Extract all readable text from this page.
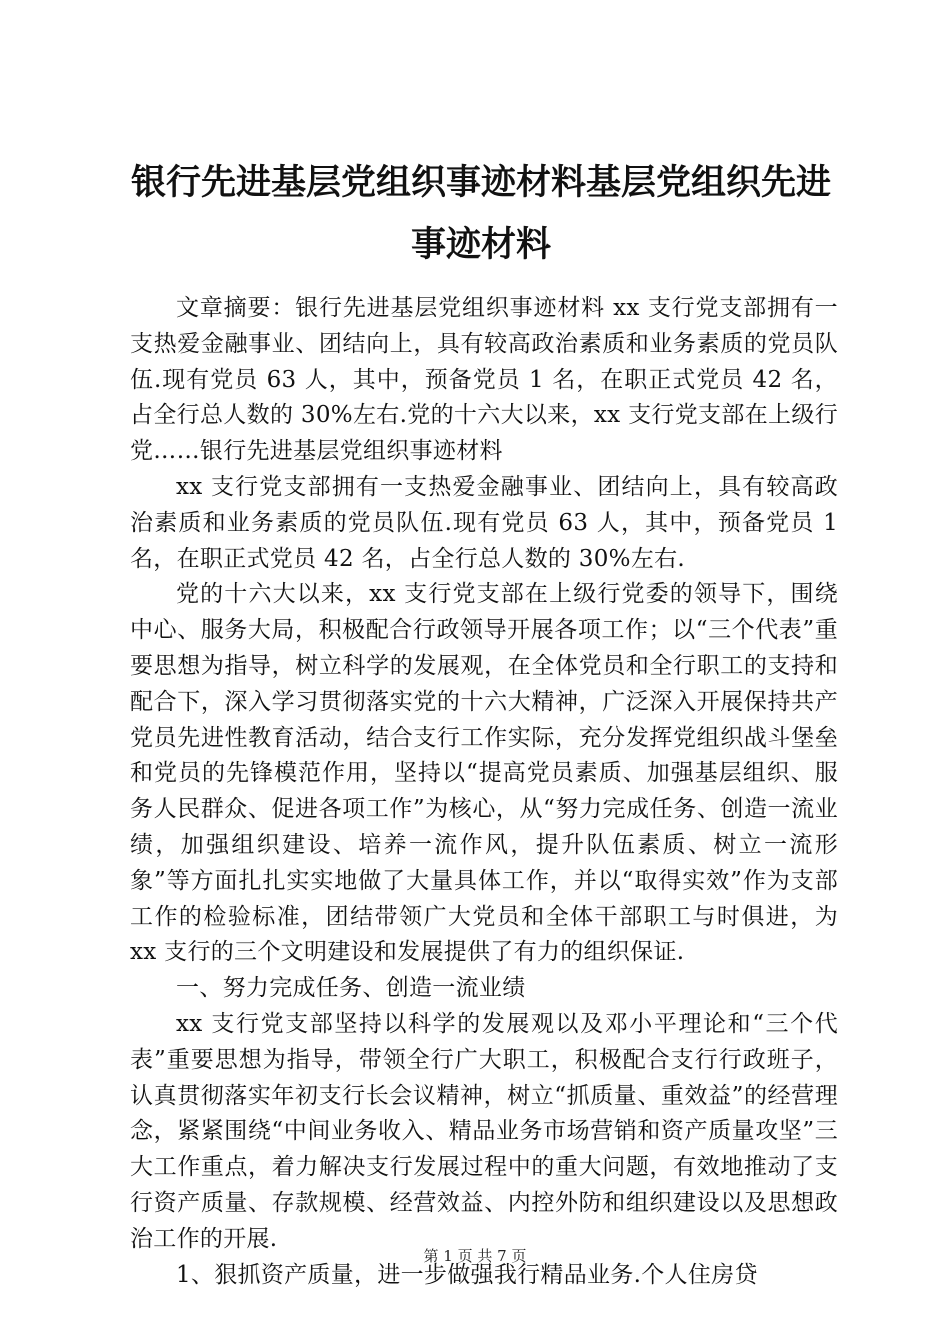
银行先进基层党组织事迹材料基层党组织先进事迹材料

文章摘要：银行先进基层党组织事迹材料 xx 支行党支部拥有一支热爱金融事业、团结向上，具有较高政治素质和业务素质的党员队伍.现有党员 63 人，其中，预备党员 1 名，在职正式党员 42 名，占全行总人数的 30%左右.党的十六大以来，xx 支行党支部在上级行党……银行先进基层党组织事迹材料

xx 支行党支部拥有一支热爱金融事业、团结向上，具有较高政治素质和业务素质的党员队伍.现有党员 63 人，其中，预备党员 1 名，在职正式党员 42 名，占全行总人数的 30%左右.

党的十六大以来，xx 支行党支部在上级行党委的领导下，围绕中心、服务大局，积极配合行政领导开展各项工作；以“三个代表”重要思想为指导，树立科学的发展观，在全体党员和全行职工的支持和配合下，深入学习贯彻落实党的十六大精神，广泛深入开展保持共产党员先进性教育活动，结合支行工作实际，充分发挥党组织战斗堡垒和党员的先锋模范作用，坚持以“提高党员素质、加强基层组织、服务人民群众、促进各项工作”为核心，从“努力完成任务、创造一流业绩，加强组织建设、培养一流作风，提升队伍素质、树立一流形象”等方面扎扎实实地做了大量具体工作，并以“取得实效”作为支部工作的检验标准，团结带领广大党员和全体干部职工与时俱进，为 xx 支行的三个文明建设和发展提供了有力的组织保证.

一、努力完成任务、创造一流业绩

xx 支行党支部坚持以科学的发展观以及邓小平理论和“三个代表”重要思想为指导，带领全行广大职工，积极配合支行行政班子，认真贯彻落实年初支行长会议精神，树立“抓质量、重效益”的经营理念，紧紧围绕“中间业务收入、精品业务市场营销和资产质量攻坚”三大工作重点，着力解决支行发展过程中的重大问题，有效地推动了支行资产质量、存款规模、经营效益、内控外防和组织建设以及思想政治工作的开展.

1、狠抓资产质量，进一步做强我行精品业务.个人住房贷

第 1 页 共 7 页
